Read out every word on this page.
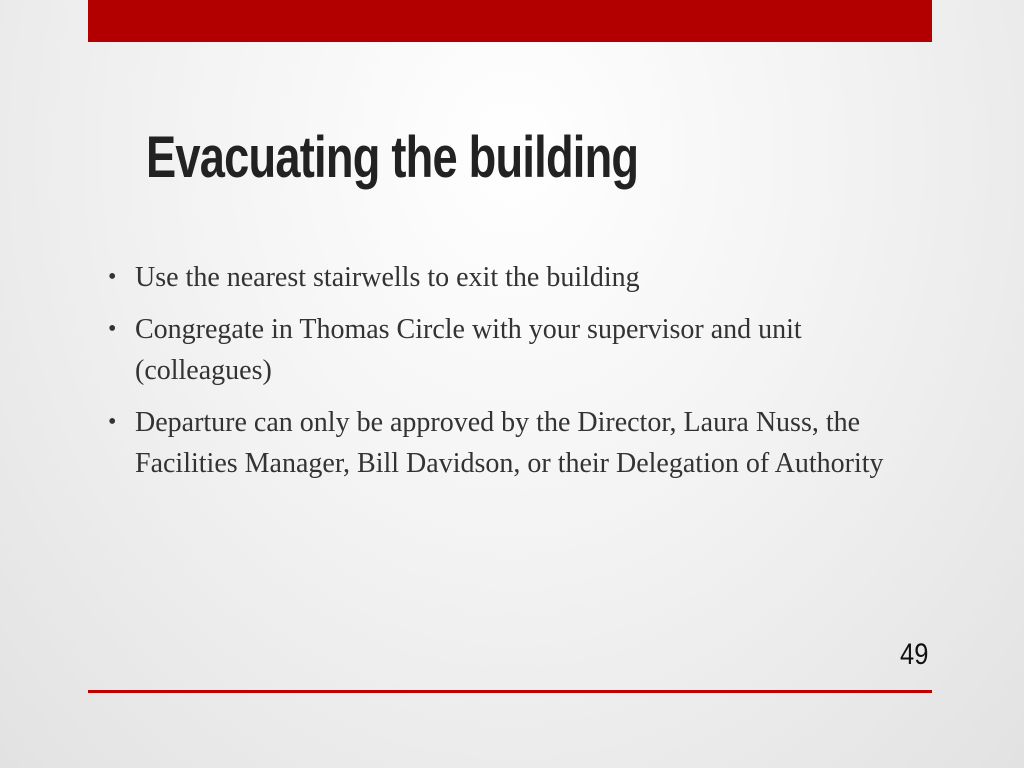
Evacuating the building
• Use the nearest stairwells to exit the building
• Congregate in Thomas Circle with your supervisor and unit (colleagues)
• Departure can only be approved by the Director, Laura Nuss, the Facilities Manager, Bill Davidson, or their Delegation of Authority
49
